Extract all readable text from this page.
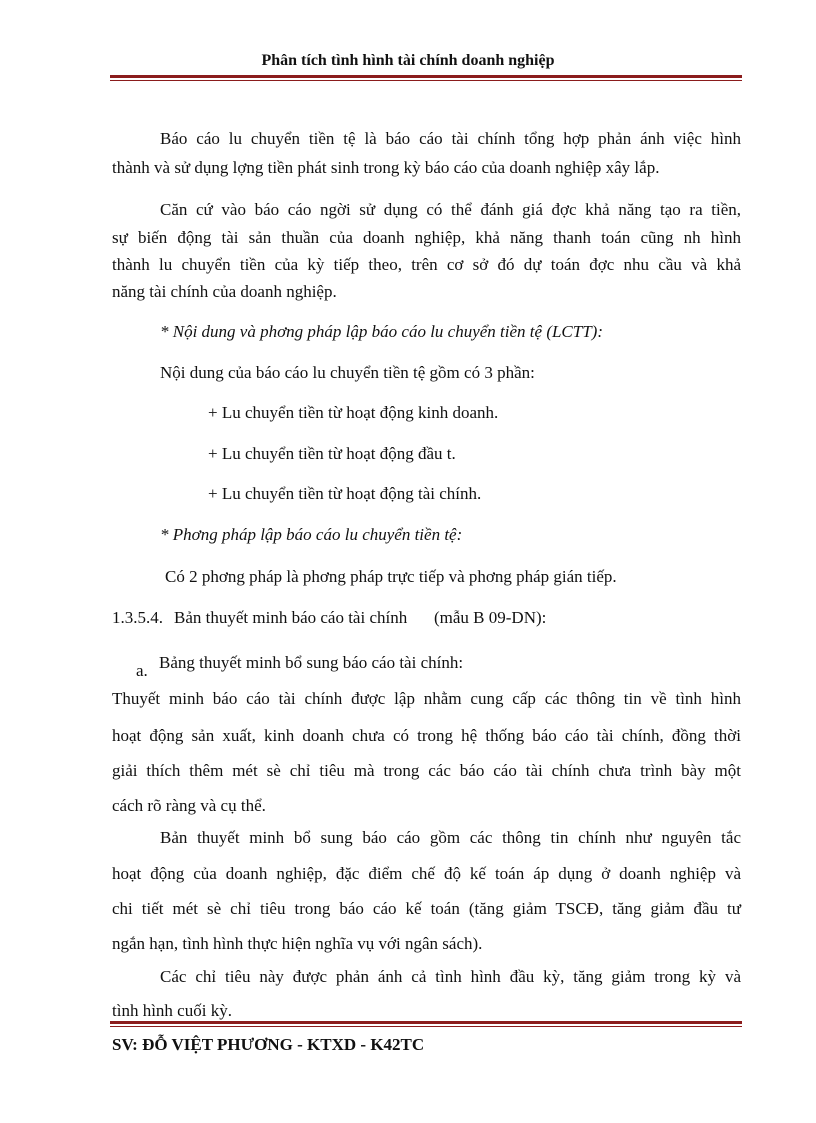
Phân tích tình hình tài chính doanh nghiệp
Báo cáo lu chuyển tiền tệ là báo cáo tài chính tổng hợp phản ánh việc hình
thành và sử dụng lợng tiền phát sinh trong kỳ báo cáo của doanh nghiệp xây lắp.
Căn cứ vào báo cáo ngời sử dụng có thể đánh giá đợc khả năng tạo ra tiền,
sự biến động tài sản thuần của doanh nghiệp, khả năng thanh toán cũng nh hình
thành lu chuyển tiền của kỳ tiếp theo, trên cơ sở đó dự toán đợc nhu cầu và khả
năng tài chính của doanh nghiệp.
* Nội dung và phơng pháp lập báo cáo lu chuyển tiền tệ (LCTT):
Nội dung của báo cáo lu chuyển tiền tệ gồm có 3 phần:
+ Lu chuyển tiền từ hoạt động kinh doanh.
+ Lu chuyển tiền từ hoạt động đầu t.
+ Lu chuyển tiền từ hoạt động tài chính.
* Phơng pháp lập báo cáo lu chuyển tiền tệ:
Có 2 phơng pháp là phơng pháp trực tiếp và phơng pháp gián tiếp.
1.3.5.4. Bản thuyết minh báo cáo tài chính (mẫu B 09-DN):
a. Bảng thuyết minh bổ sung báo cáo tài chính:
Thuyết minh báo cáo tài chính được lập nhằm cung cấp các thông tin về tình hình
hoạt động sản xuất, kinh doanh chưa có trong hệ thống báo cáo tài chính, đồng thời
giải thích thêm mét sè chỉ tiêu mà trong các báo cáo tài chính chưa trình bày một
cách rõ ràng và cụ thể.
Bản thuyết minh bổ sung báo cáo gồm các thông tin chính như nguyên tắc
hoạt động của doanh nghiệp, đặc điểm chế độ kế toán áp dụng ở doanh nghiệp và
chi tiết mét sè chỉ tiêu trong báo cáo kế toán (tăng giảm TSCĐ, tăng giảm đầu tư
ngắn hạn, tình hình thực hiện nghĩa vụ với ngân sách).
Các chỉ tiêu này được phản ánh cả tình hình đầu kỳ, tăng giảm trong kỳ và
tình hình cuối kỳ.
SV: ĐỖ VIỆT PHƯƠNG - KTXD - K42TC
